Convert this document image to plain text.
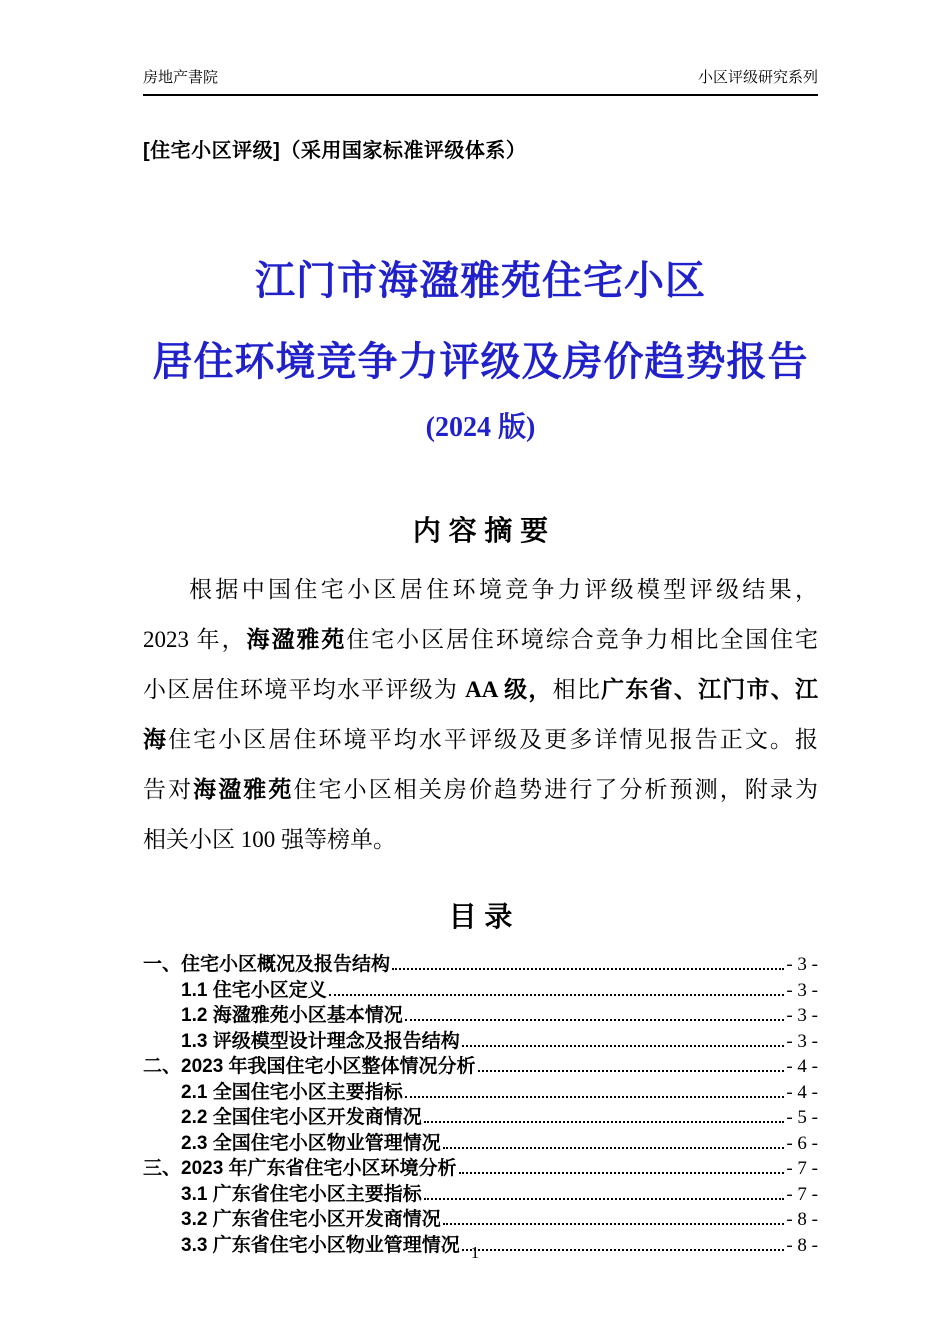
房地产書院	小区评级研究系列
[住宅小区评级]（采用国家标准评级体系）
江门市海溋雅苑住宅小区
居住环境竞争力评级及房价趋势报告
(2024 版)
内 容 摘 要
根据中国住宅小区居住环境竞争力评级模型评级结果，
2023 年，海溋雅苑住宅小区居住环境综合竞争力相比全国住宅
小区居住环境平均水平评级为 AA 级，相比广东省、江门市、江
海住宅小区居住环境平均水平评级及更多详情见报告正文。报
告对海溋雅苑住宅小区相关房价趋势进行了分析预测，附录为
相关小区 100 强等榜单。
目 录
一、住宅小区概况及报告结构	- 3 -
1.1 住宅小区定义	- 3 -
1.2 海溋雅苑小区基本情况	- 3 -
1.3 评级模型设计理念及报告结构	- 3 -
二、2023 年我国住宅小区整体情况分析	- 4 -
2.1 全国住宅小区主要指标	- 4 -
2.2 全国住宅小区开发商情况	- 5 -
2.3 全国住宅小区物业管理情况	- 6 -
三、2023 年广东省住宅小区环境分析	- 7 -
3.1 广东省住宅小区主要指标	- 7 -
3.2 广东省住宅小区开发商情况	- 8 -
3.3 广东省住宅小区物业管理情况	- 8 -
1
